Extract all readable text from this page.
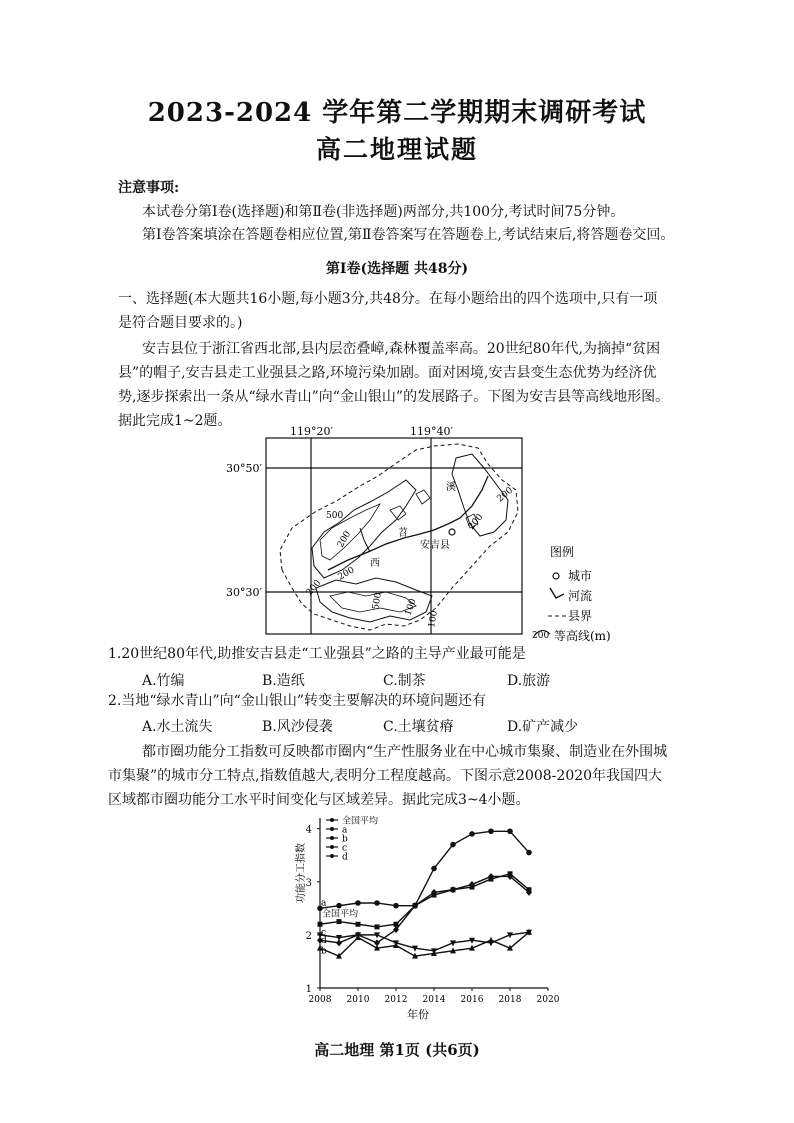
2023-2024 学年第二学期期末调研考试
高二地理试题
注意事项:
本试卷分第Ⅰ卷(选择题)和第Ⅱ卷(非选择题)两部分,共100分,考试时间75分钟。
第Ⅰ卷答案填涂在答题卷相应位置,第Ⅱ卷答案写在答题卷上,考试结束后,将答题卷交回。
第Ⅰ卷(选择题 共48分)
一、选择题(本大题共16小题,每小题3分,共48分。在每小题给出的四个选项中,只有一项
是符合题目要求的。)
安吉县位于浙江省西北部,县内层峦叠嶂,森林覆盖率高。20世纪80年代,为摘掉“贫困
县”的帽子,安吉县走工业强县之路,环境污染加剧。面对困境,安吉县变生态优势为经济优
势,逐步探索出一条从“绿水青山”向“金山银山”的发展路子。下图为安吉县等高线地形图。
据此完成1~2题。
119°20′	119°40′
30°50′
30°30′
安吉县
西
苕
溪
500
200
200
200
200
200
100
100
500
图例
城市
河流
县界
200 等高线(m)
1.20世纪80年代,助推安吉县走“工业强县”之路的主导产业最可能是
A.竹编	B.造纸	C.制茶	D.旅游
2.当地“绿水青山”向“金山银山”转变主要解决的环境问题还有
A.水土流失	B.风沙侵袭	C.土壤贫瘠	D.矿产减少
都市圈功能分工指数可反映都市圈内“生产性服务业在中心城市集聚、制造业在外围城
市集聚”的城市分工特点,指数值越大,表明分工程度越高。下图示意2008-2020年我国四大
区域都市圈功能分工水平时间变化与区域差异。据此完成3~4小题。
1
2
3
4
2008 2010 2012 2014 2016 2018 2020
年份
功能分工指数
全国平均
a
b
c
d
a
全国平均
c
d
b
高二地理 第1页 (共6页)
